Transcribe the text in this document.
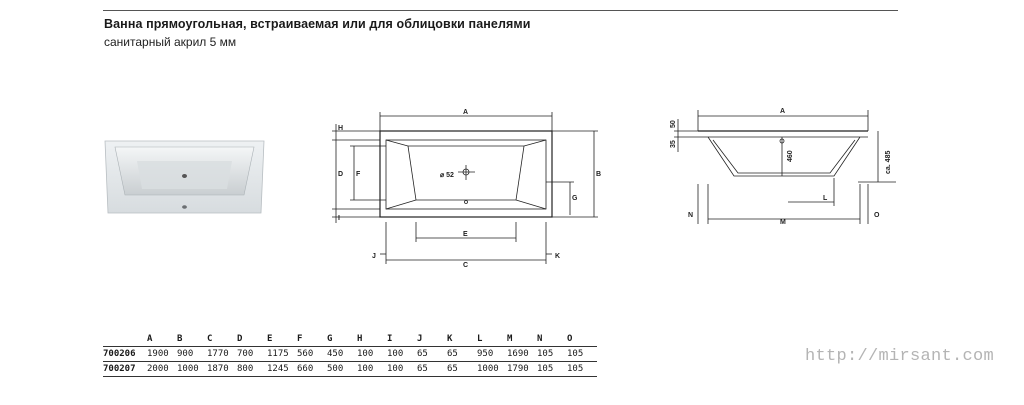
Ванна прямоугольная, встраиваемая или для облицовки панелями
санитарный акрил 5 мм
A
B
C
D
E
F
G
H
I
J	K
⌀ 52
A
L
M
N	O
50
35
460	ca. 485
	A	B	C	D	E	F	G	H	I	J	K	L	M	N	O
700206	1900	900	1770	700	1175	560	450	100	100	65	65	950	1690	105	105
700207	2000	1000	1870	800	1245	660	500	100	100	65	65	1000	1790	105	105
http://mirsant.com
